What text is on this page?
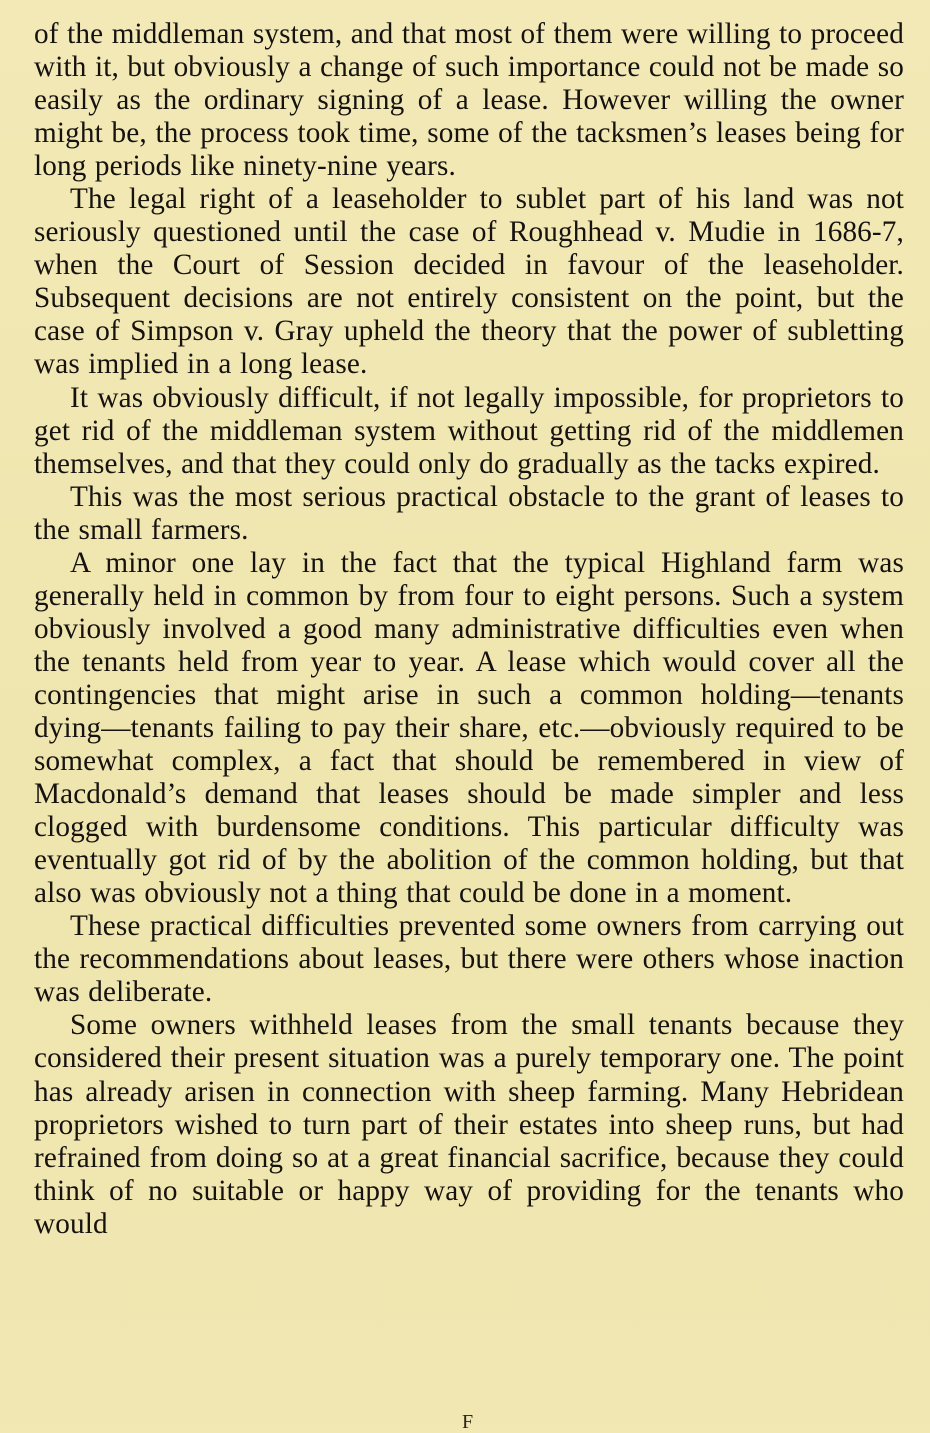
of the middleman system, and that most of them were willing to proceed with it, but obviously a change of such importance could not be made so easily as the ordinary signing of a lease. However willing the owner might be, the process took time, some of the tacksmen’s leases being for long periods like ninety-nine years.

The legal right of a leaseholder to sublet part of his land was not seriously questioned until the case of Roughhead v. Mudie in 1686-7, when the Court of Session decided in favour of the leaseholder. Subsequent decisions are not entirely consistent on the point, but the case of Simpson v. Gray upheld the theory that the power of subletting was implied in a long lease.

It was obviously difficult, if not legally impossible, for proprietors to get rid of the middleman system without getting rid of the middlemen themselves, and that they could only do gradually as the tacks expired.

This was the most serious practical obstacle to the grant of leases to the small farmers.

A minor one lay in the fact that the typical Highland farm was generally held in common by from four to eight persons. Such a system obviously involved a good many administrative difficulties even when the tenants held from year to year. A lease which would cover all the contingencies that might arise in such a common holding—tenants dying—tenants failing to pay their share, etc.—obviously required to be somewhat complex, a fact that should be remembered in view of Macdonald’s demand that leases should be made simpler and less clogged with burdensome conditions. This particular difficulty was eventually got rid of by the abolition of the common holding, but that also was obviously not a thing that could be done in a moment.

These practical difficulties prevented some owners from carrying out the recommendations about leases, but there were others whose inaction was deliberate.

Some owners withheld leases from the small tenants because they considered their present situation was a purely temporary one. The point has already arisen in connection with sheep farming. Many Hebridean proprietors wished to turn part of their estates into sheep runs, but had refrained from doing so at a great financial sacrifice, because they could think of no suitable or happy way of providing for the tenants who would

F
